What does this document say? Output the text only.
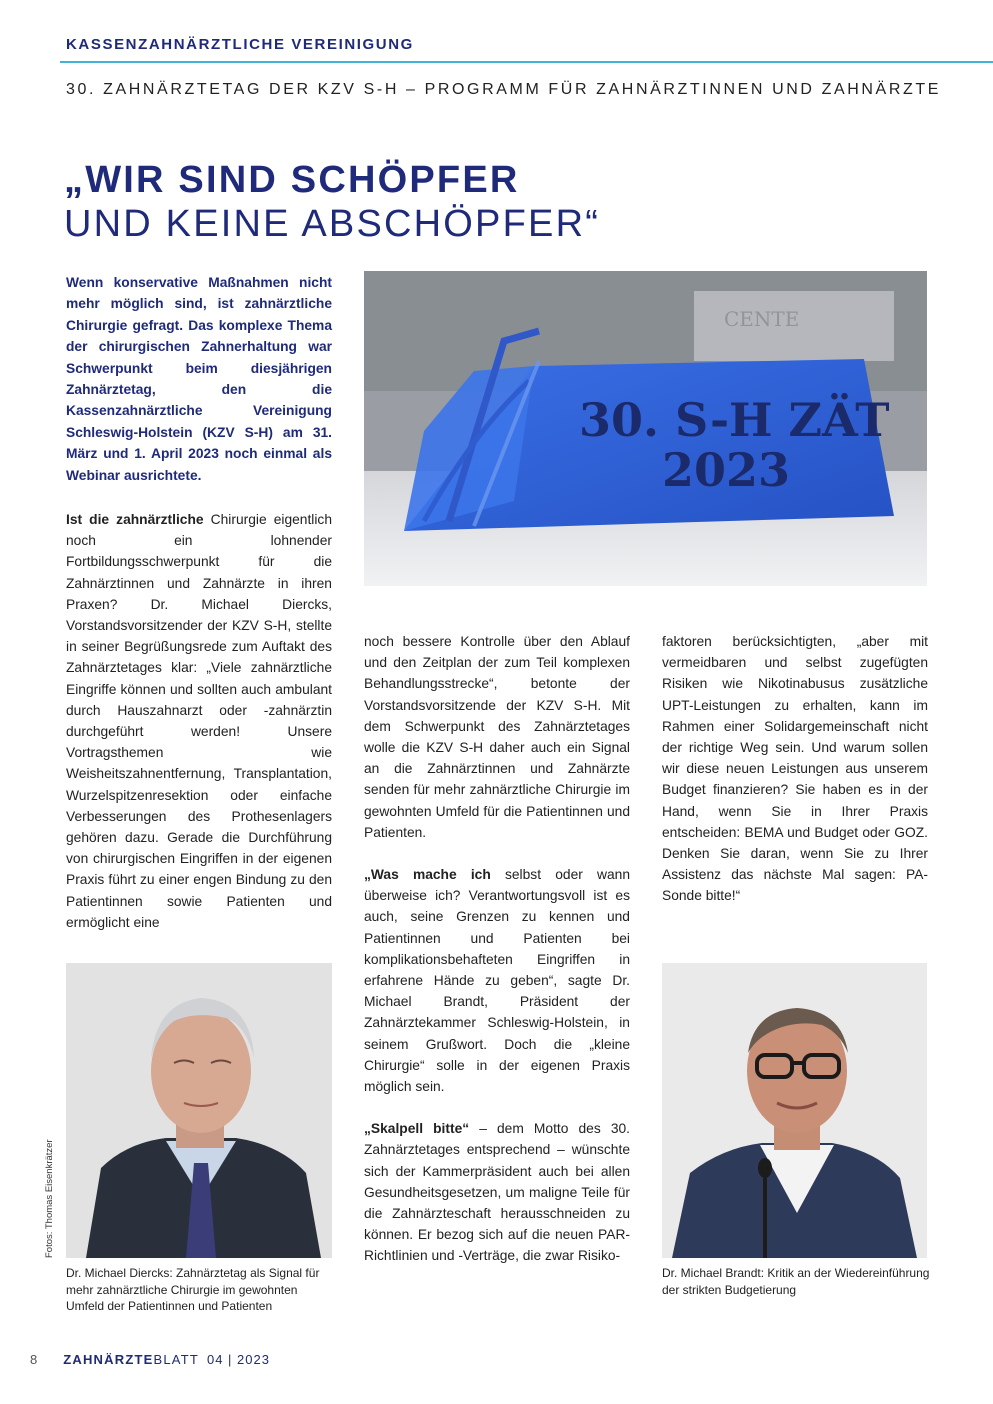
KASSENZAHNÄRZTLICHE VEREINIGUNG
30. ZAHNÄRZTETAG DER KZV S-H – PROGRAMM FÜR ZAHNÄRZTINNEN UND ZAHNÄRZTE
„WIR SIND SCHÖPFER
UND KEINE ABSCHÖPFER“
Wenn konservative Maßnahmen nicht mehr möglich sind, ist zahnärztliche Chirurgie gefragt. Das komplexe Thema der chirurgischen Zahnerhaltung war Schwerpunkt beim diesjährigen Zahnärztetag, den die Kassenzahnärztliche Vereinigung Schleswig-Holstein (KZV S-H) am 31. März und 1. April 2023 noch einmal als Webinar ausrichtete.
CENTE
30. S-H ZÄT
2023

Ist die zahnärztliche Chirurgie eigentlich noch ein lohnender Fortbildungsschwerpunkt für die Zahnärztinnen und Zahnärzte in ihren Praxen? Dr. Michael Diercks, Vorstandsvorsitzender der KZV S-H, stellte in seiner Begrüßungsrede zum Auftakt des Zahnärztetages klar: „Viele zahnärztliche Eingriffe können und sollten auch ambulant durch Hauszahnarzt oder -zahnärztin durchgeführt werden! Unsere Vortragsthemen wie Weisheitszahnentfernung, Transplantation, Wurzelspitzenresektion oder einfache Verbesserungen des Prothesenlagers gehören dazu. Gerade die Durchführung von chirurgischen Eingriffen in der eigenen Praxis führt zu einer engen Bindung zu den Patientinnen sowie Patienten und ermöglicht eine

noch bessere Kontrolle über den Ablauf und den Zeitplan der zum Teil komplexen Behandlungsstrecke“, betonte der Vorstandsvorsitzende der KZV S-H. Mit dem Schwerpunkt des Zahnärztetages wolle die KZV S-H daher auch ein Signal an die Zahnärztinnen und Zahnärzte senden für mehr zahnärztliche Chirurgie im gewohnten Umfeld für die Patientinnen und Patienten.

„Was mache ich selbst oder wann überweise ich? Verantwortungsvoll ist es auch, seine Grenzen zu kennen und Patientinnen und Patienten bei komplikationsbehafteten Eingriffen in erfahrene Hände zu geben“, sagte Dr. Michael Brandt, Präsident der Zahnärztekammer Schleswig-Holstein, in seinem Grußwort. Doch die „kleine Chirurgie“ solle in der eigenen Praxis möglich sein.

„Skalpell bitte“ – dem Motto des 30. Zahnärztetages entsprechend – wünschte sich der Kammerpräsident auch bei allen Gesundheitsgesetzen, um maligne Teile für die Zahnärzteschaft herausschneiden zu können. Er bezog sich auf die neuen PAR-Richtlinien und -Verträge, die zwar Risiko-

faktoren berücksichtigten, „aber mit vermeidbaren und selbst zugefügten Risiken wie Nikotinabusus zusätzliche UPT-Leistungen zu erhalten, kann im Rahmen einer Solidargemeinschaft nicht der richtige Weg sein. Und warum sollen wir diese neuen Leistungen aus unserem Budget finanzieren? Sie haben es in der Hand, wenn Sie in Ihrer Praxis entscheiden: BEMA und Budget oder GOZ. Denken Sie daran, wenn Sie zu Ihrer Assistenz das nächste Mal sagen: PA-Sonde bitte!“

Fotos: Thomas Eisenkrätzer
Dr. Michael Diercks: Zahnärztetag als Signal für mehr zahnärztliche Chirurgie im gewohnten Umfeld der Patientinnen und Patienten
Dr. Michael Brandt: Kritik an der Wiedereinführung der strikten Budgetierung
8 ZAHNÄRZTEBLATT 04 | 2023
